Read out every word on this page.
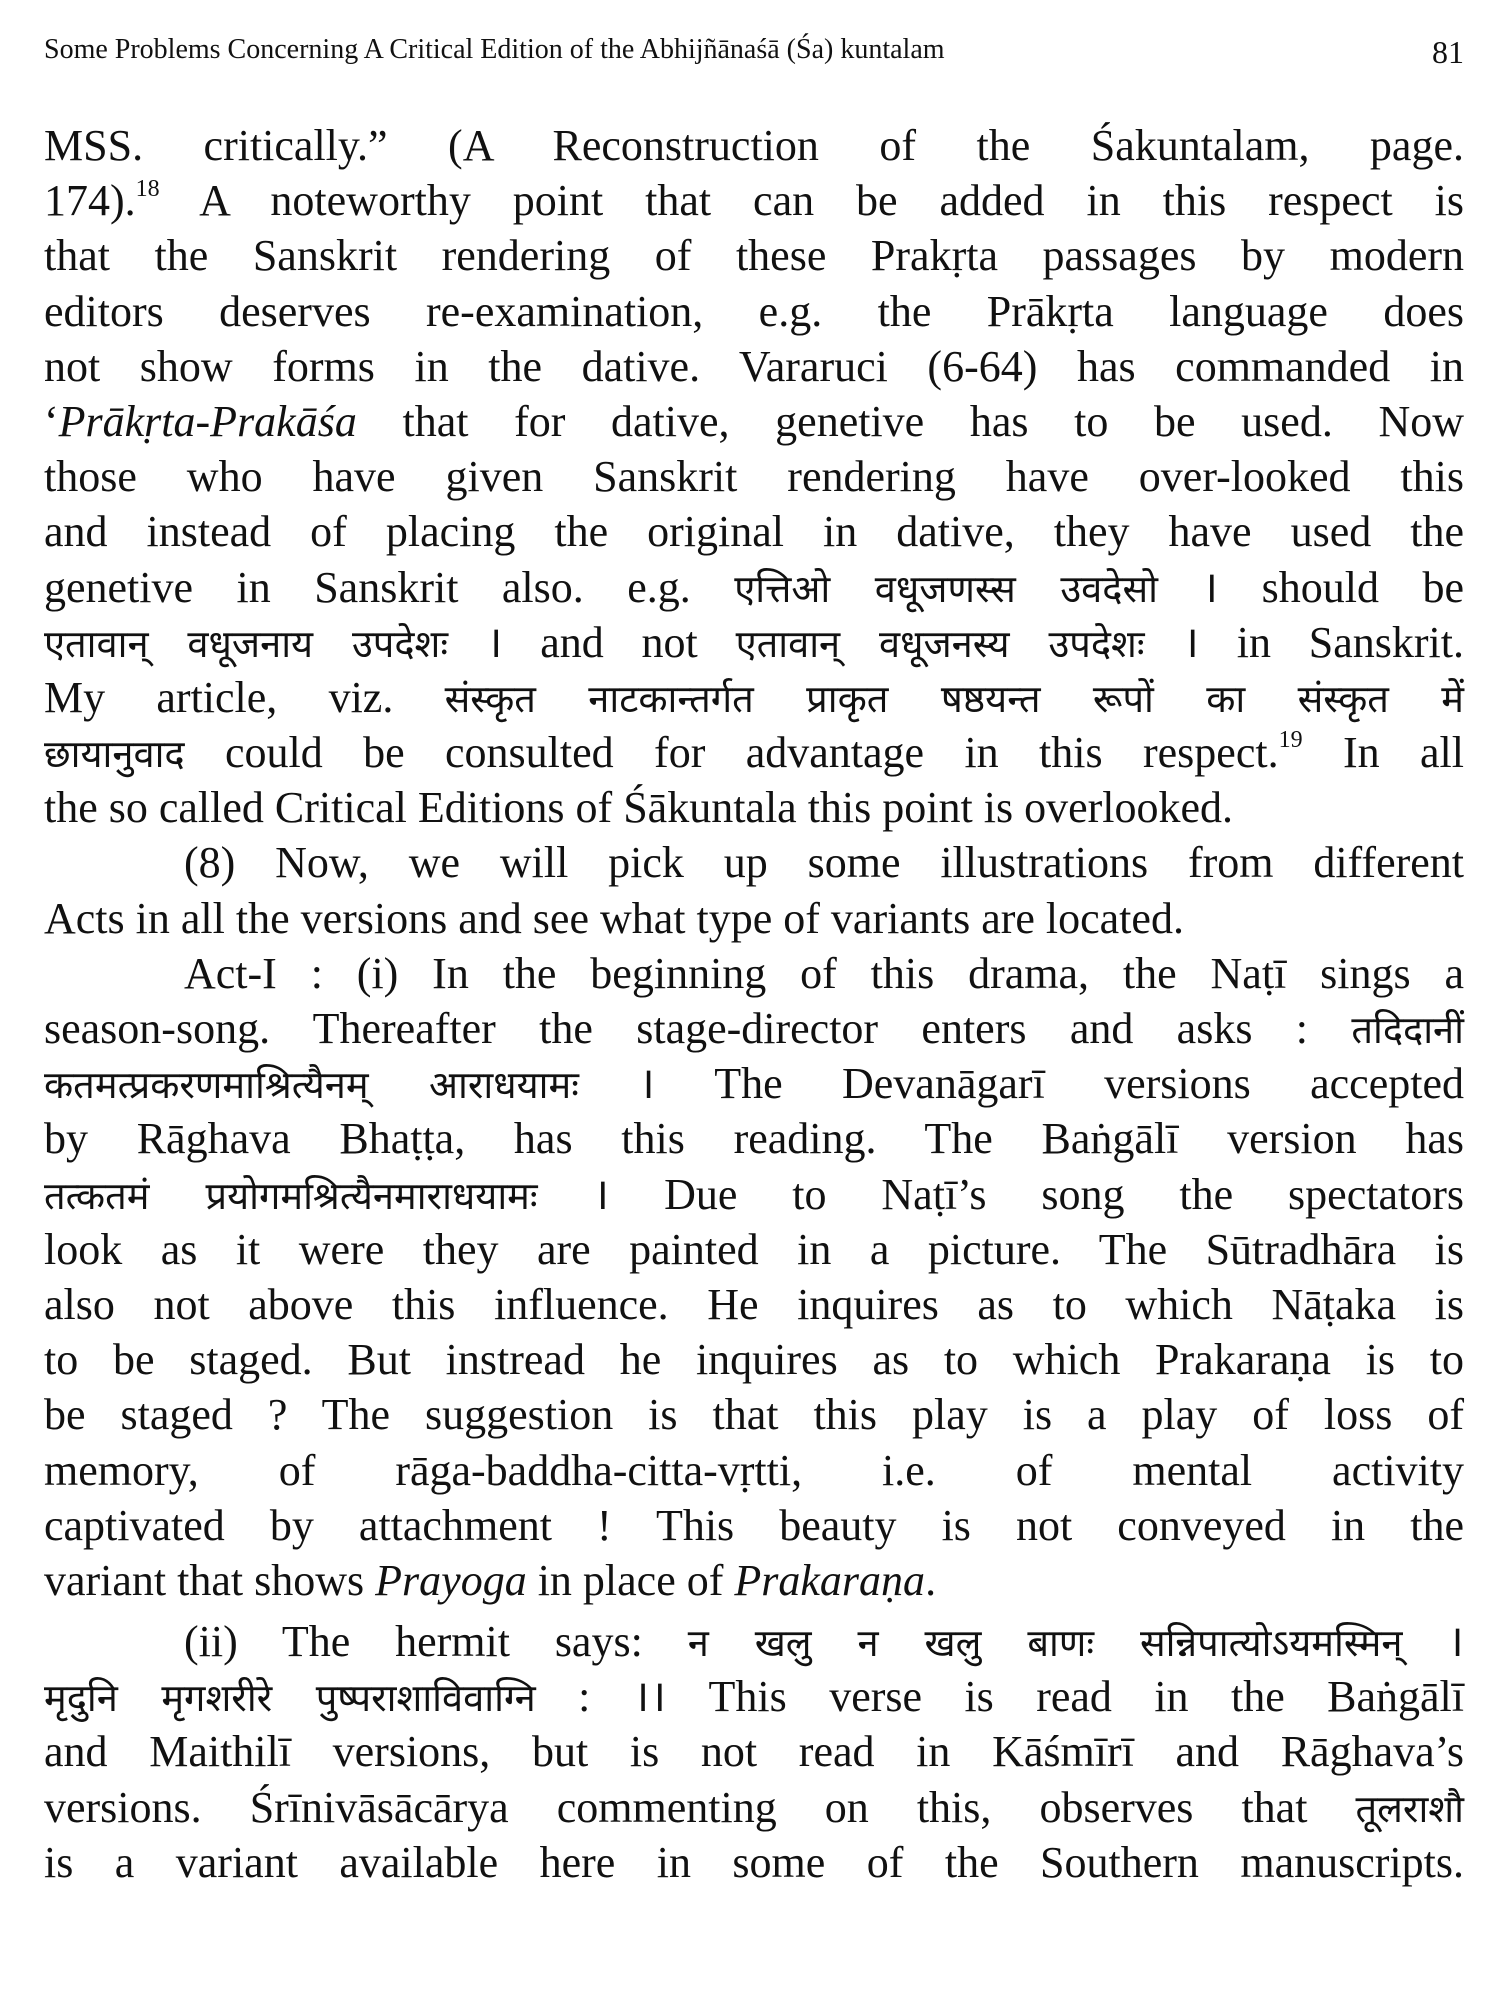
Some Problems Concerning A Critical Edition of the Abhijñānaśā (Śa) kuntalam	81
MSS. critically.” (A Reconstruction of the Śakuntalam, page.
174).$^{18}$ A noteworthy point that can be added in this respect is
that the Sanskrit rendering of these Prakṛta passages by modern
editors deserves re-examination, e.g. the Prākṛta language does
not show forms in the dative. Vararuci (6-64) has commanded in
‘Prākṛta-Prakāśa that for dative, genetive has to be used. Now
those who have given Sanskrit rendering have over-looked this
and instead of placing the original in dative, they have used the
genetive in Sanskrit also. e.g. एत्तिओ वधूजणस्स उवदेसो । should be
एतावान् वधूजनाय उपदेशः । and not एतावान् वधूजनस्य उपदेशः । in Sanskrit.
My article, viz. संस्कृत नाटकान्तर्गत प्राकृत षष्ठयन्त रूपों का संस्कृत में
छायानुवाद could be consulted for advantage in this respect.$^{19}$ In all
the so called Critical Editions of Śākuntala this point is overlooked.
(8) Now, we will pick up some illustrations from different
Acts in all the versions and see what type of variants are located.
Act-I : (i) In the beginning of this drama, the Naṭī sings a
season-song. Thereafter the stage-director enters and asks : तदिदानीं
कतमत्प्रकरणमाश्रित्यैनम् आराधयामः । The Devanāgarī versions accepted
by Rāghava Bhaṭṭa, has this reading. The Baṅgālī version has
तत्कतमं प्रयोगमश्रित्यैनमाराधयामः । Due to Naṭī’s song the spectators
look as it were they are painted in a picture. The Sūtradhāra is
also not above this influence. He inquires as to which Nāṭaka is
to be staged. But instread he inquires as to which Prakaraṇa is to
be staged ? The suggestion is that this play is a play of loss of
memory, of rāga-baddha-citta-vṛtti, i.e. of mental activity
captivated by attachment ! This beauty is not conveyed in the
variant that shows Prayoga in place of Prakaraṇa.
(ii) The hermit says: न खलु न खलु बाणः सन्निपात्योऽयमस्मिन् ।
मृदुनि मृगशरीरे पुष्पराशाविवाग्नि : ।। This verse is read in the Baṅgālī
and Maithilī versions, but is not read in Kāśmīrī and Rāghava’s
versions. Śrīnivāsācārya commenting on this, observes that तूलराशौ
is a variant available here in some of the Southern manuscripts.
